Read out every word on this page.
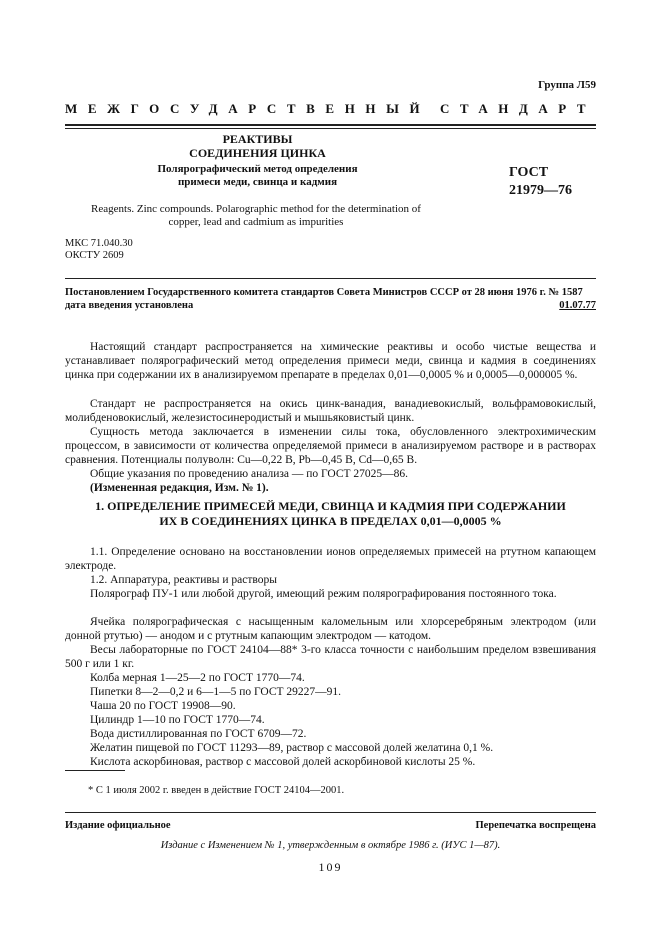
Группа Л59
МЕЖГОСУДАРСТВЕННЫЙ СТАНДАРТ
РЕАКТИВЫ
СОЕДИНЕНИЯ ЦИНКА
Полярографический метод определения
примеси меди, свинца и кадмия
Reagents. Zinc compounds. Polarographic method for the determination of
copper, lead and cadmium as impurities
ГОСТ
21979—76
МКС 71.040.30
ОКСТУ 2609
Постановлением Государственного комитета стандартов Совета Министров СССР от 28 июня 1976 г. № 1587
дата введения установлена	01.07.77
Настоящий стандарт распространяется на химические реактивы и особо чистые вещества и устанавливает полярографический метод определения примеси меди, свинца и кадмия в соединениях цинка при содержании их в анализируемом препарате в пределах 0,01—0,0005 % и 0,0005—0,000005 %.
Стандарт не распространяется на окись цинк-ванадия, ванадиевокислый, вольфрамовокислый, молибденовокислый, железистосинеродистый и мышьяковистый цинк.
Сущность метода заключается в изменении силы тока, обусловленного электрохимическим процессом, в зависимости от количества определяемой примеси в анализируемом растворе и в растворах сравнения. Потенциалы полуволн: Cu—0,22 В, Pb—0,45 В, Cd—0,65 В.
Общие указания по проведению анализа — по ГОСТ 27025—86.
(Измененная редакция, Изм. № 1).
1. ОПРЕДЕЛЕНИЕ ПРИМЕСЕЙ МЕДИ, СВИНЦА И КАДМИЯ ПРИ СОДЕРЖАНИИ
ИХ В СОЕДИНЕНИЯХ ЦИНКА В ПРЕДЕЛАХ 0,01—0,0005 %
1.1. Определение основано на восстановлении ионов определяемых примесей на ртутном капающем электроде.
1.2. Аппаратура, реактивы и растворы
Полярограф ПУ-1 или любой другой, имеющий режим полярографирования постоянного тока.
Ячейка полярографическая с насыщенным каломельным или хлорсеребряным электродом (или донной ртутью) — анодом и с ртутным капающим электродом — катодом.
Весы лабораторные по ГОСТ 24104—88* 3-го класса точности с наибольшим пределом взвешивания 500 г или 1 кг.
Колба мерная 1—25—2 по ГОСТ 1770—74.
Пипетки 8—2—0,2 и 6—1—5 по ГОСТ 29227—91.
Чаша 20 по ГОСТ 19908—90.
Цилиндр 1—10 по ГОСТ 1770—74.
Вода дистиллированная по ГОСТ 6709—72.
Желатин пищевой по ГОСТ 11293—89, раствор с массовой долей желатина 0,1 %.
Кислота аскорбиновая, раствор с массовой долей аскорбиновой кислоты 25 %.
* С 1 июля 2002 г. введен в действие ГОСТ 24104—2001.
Издание официальное	Перепечатка воспрещена
Издание с Изменением № 1, утвержденным в октябре 1986 г. (ИУС 1—87).
109
